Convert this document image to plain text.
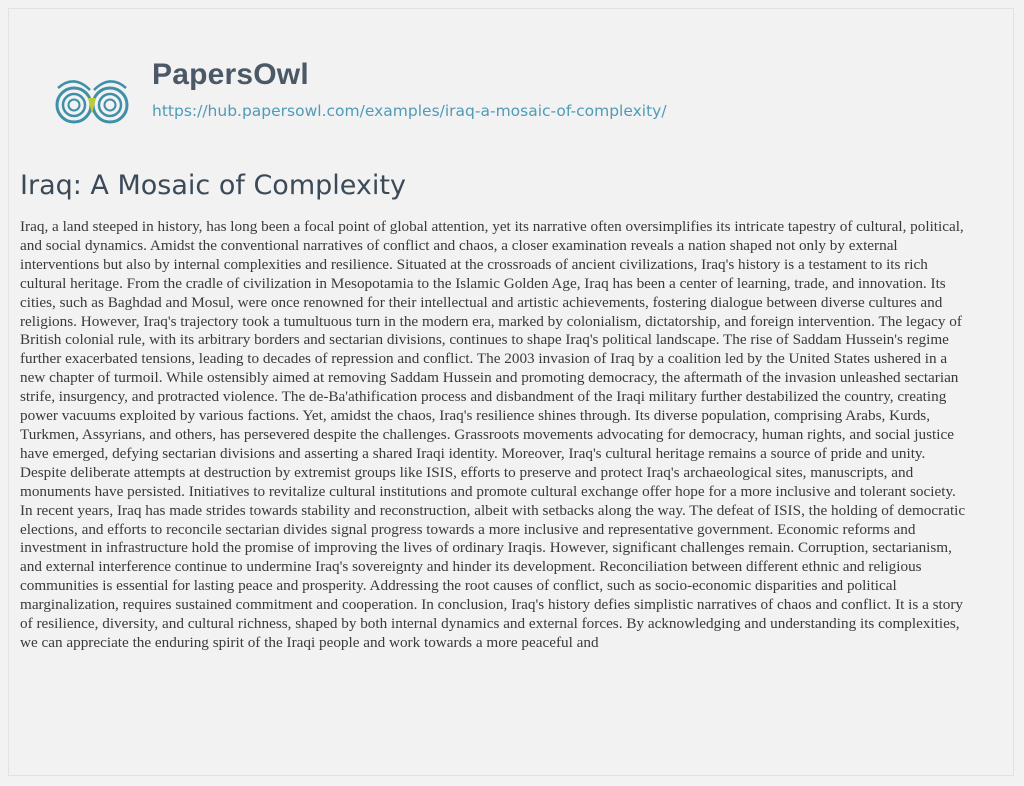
PapersOwl
https://hub.papersowl.com/examples/iraq-a-mosaic-of-complexity/
Iraq: A Mosaic of Complexity

Iraq, a land steeped in history, has long been a focal point of global attention, yet its narrative often oversimplifies its intricate tapestry of cultural, political, and social dynamics. Amidst the conventional narratives of conflict and chaos, a closer examination reveals a nation shaped not only by external interventions but also by internal complexities and resilience. Situated at the crossroads of ancient civilizations, Iraq's history is a testament to its rich cultural heritage. From the cradle of civilization in Mesopotamia to the Islamic Golden Age, Iraq has been a center of learning, trade, and innovation. Its cities, such as Baghdad and Mosul, were once renowned for their intellectual and artistic achievements, fostering dialogue between diverse cultures and religions. However, Iraq's trajectory took a tumultuous turn in the modern era, marked by colonialism, dictatorship, and foreign intervention. The legacy of British colonial rule, with its arbitrary borders and sectarian divisions, continues to shape Iraq's political landscape. The rise of Saddam Hussein's regime further exacerbated tensions, leading to decades of repression and conflict. The 2003 invasion of Iraq by a coalition led by the United States ushered in a new chapter of turmoil. While ostensibly aimed at removing Saddam Hussein and promoting democracy, the aftermath of the invasion unleashed sectarian strife, insurgency, and protracted violence. The de-Ba'athification process and disbandment of the Iraqi military further destabilized the country, creating power vacuums exploited by various factions. Yet, amidst the chaos, Iraq's resilience shines through. Its diverse population, comprising Arabs, Kurds, Turkmen, Assyrians, and others, has persevered despite the challenges. Grassroots movements advocating for democracy, human rights, and social justice have emerged, defying sectarian divisions and asserting a shared Iraqi identity. Moreover, Iraq's cultural heritage remains a source of pride and unity. Despite deliberate attempts at destruction by extremist groups like ISIS, efforts to preserve and protect Iraq's archaeological sites, manuscripts, and monuments have persisted. Initiatives to revitalize cultural institutions and promote cultural exchange offer hope for a more inclusive and tolerant society. In recent years, Iraq has made strides towards stability and reconstruction, albeit with setbacks along the way. The defeat of ISIS, the holding of democratic elections, and efforts to reconcile sectarian divides signal progress towards a more inclusive and representative government. Economic reforms and investment in infrastructure hold the promise of improving the lives of ordinary Iraqis. However, significant challenges remain. Corruption, sectarianism, and external interference continue to undermine Iraq's sovereignty and hinder its development. Reconciliation between different ethnic and religious communities is essential for lasting peace and prosperity. Addressing the root causes of conflict, such as socio-economic disparities and political marginalization, requires sustained commitment and cooperation. In conclusion, Iraq's history defies simplistic narratives of chaos and conflict. It is a story of resilience, diversity, and cultural richness, shaped by both internal dynamics and external forces. By acknowledging and understanding its complexities, we can appreciate the enduring spirit of the Iraqi people and work towards a more peaceful and
